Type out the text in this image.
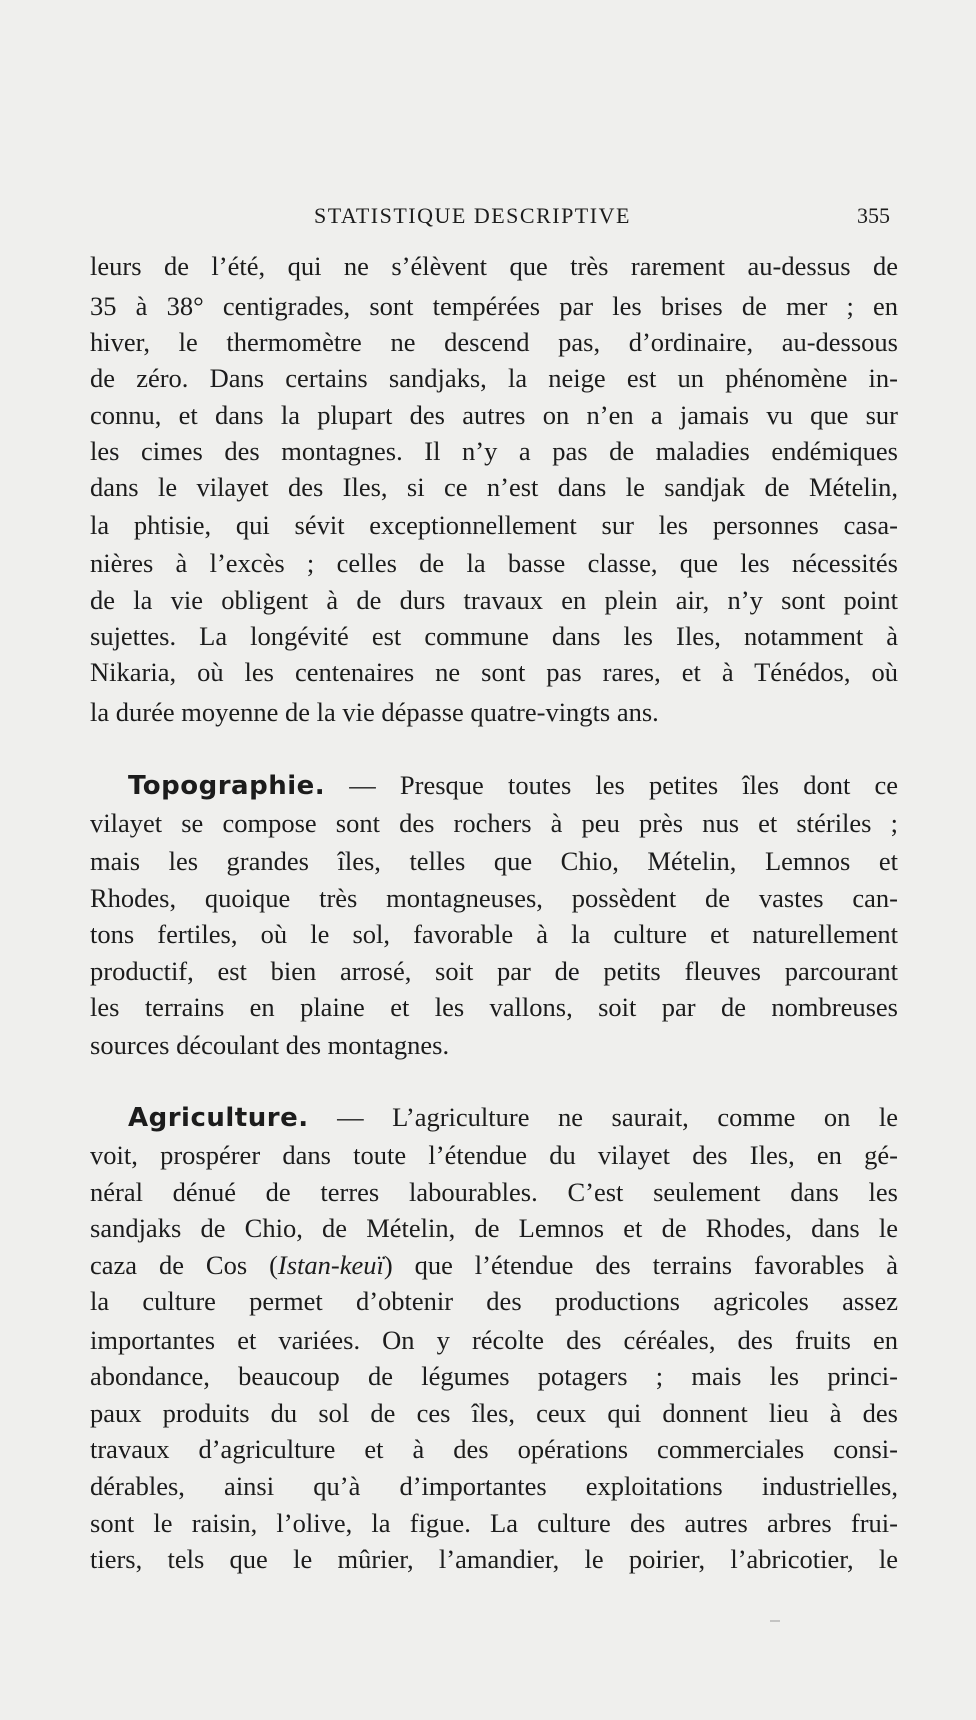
STATISTIQUE DESCRIPTIVE	355
leurs de l’été, qui ne s’élèvent que très rarement au-dessus de
35 à 38° centigrades, sont tempérées par les brises de mer ; en
hiver, le thermomètre ne descend pas, d’ordinaire, au-dessous
de zéro. Dans certains sandjaks, la neige est un phénomène in-
connu, et dans la plupart des autres on n’en a jamais vu que sur
les cimes des montagnes. Il n’y a pas de maladies endémiques
dans le vilayet des Iles, si ce n’est dans le sandjak de Mételin,
la phtisie, qui sévit exceptionnellement sur les personnes casa-
nières à l’excès ; celles de la basse classe, que les nécessités
de la vie obligent à de durs travaux en plein air, n’y sont point
sujettes. La longévité est commune dans les Iles, notamment à
Nikaria, où les centenaires ne sont pas rares, et à Ténédos, où
la durée moyenne de la vie dépasse quatre-vingts ans.
Topographie. — Presque toutes les petites îles dont ce
vilayet se compose sont des rochers à peu près nus et stériles ;
mais les grandes îles, telles que Chio, Mételin, Lemnos et
Rhodes, quoique très montagneuses, possèdent de vastes can-
tons fertiles, où le sol, favorable à la culture et naturellement
productif, est bien arrosé, soit par de petits fleuves parcourant
les terrains en plaine et les vallons, soit par de nombreuses
sources découlant des montagnes.
Agriculture. — L’agriculture ne saurait, comme on le
voit, prospérer dans toute l’étendue du vilayet des Iles, en gé-
néral dénué de terres labourables. C’est seulement dans les
sandjaks de Chio, de Mételin, de Lemnos et de Rhodes, dans le
caza de Cos (Istan-keuï) que l’étendue des terrains favorables à
la culture permet d’obtenir des productions agricoles assez
importantes et variées. On y récolte des céréales, des fruits en
abondance, beaucoup de légumes potagers ; mais les princi-
paux produits du sol de ces îles, ceux qui donnent lieu à des
travaux d’agriculture et à des opérations commerciales consi-
dérables, ainsi qu’à d’importantes exploitations industrielles,
sont le raisin, l’olive, la figue. La culture des autres arbres frui-
tiers, tels que le mûrier, l’amandier, le poirier, l’abricotier, le
